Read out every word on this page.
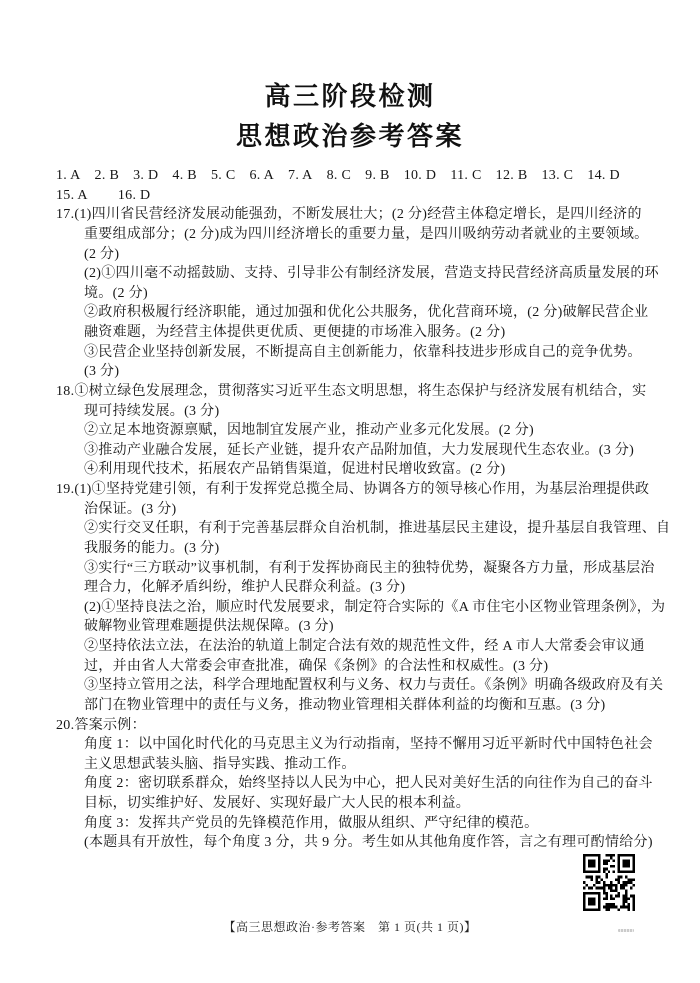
高三阶段检测
思想政治参考答案
1. A 2. B 3. D 4. B 5. C 6. A 7. A 8. C 9. B 10. D 11. C 12. B 13. C 14. D
15. A 16. D
17.(1)四川省民营经济发展动能强劲，不断发展壮大；(2 分)经营主体稳定增长，是四川经济的
重要组成部分；(2 分)成为四川经济增长的重要力量，是四川吸纳劳动者就业的主要领域。
(2 分)
(2)①四川毫不动摇鼓励、支持、引导非公有制经济发展，营造支持民营经济高质量发展的环
境。(2 分)
②政府积极履行经济职能，通过加强和优化公共服务，优化营商环境，(2 分)破解民营企业
融资难题，为经营主体提供更优质、更便捷的市场准入服务。(2 分)
③民营企业坚持创新发展，不断提高自主创新能力，依靠科技进步形成自己的竞争优势。
(3 分)
18.①树立绿色发展理念，贯彻落实习近平生态文明思想，将生态保护与经济发展有机结合，实
现可持续发展。(3 分)
②立足本地资源禀赋，因地制宜发展产业，推动产业多元化发展。(2 分)
③推动产业融合发展，延长产业链，提升农产品附加值，大力发展现代生态农业。(3 分)
④利用现代技术，拓展农产品销售渠道，促进村民增收致富。(2 分)
19.(1)①坚持党建引领，有利于发挥党总揽全局、协调各方的领导核心作用，为基层治理提供政
治保证。(3 分)
②实行交叉任职，有利于完善基层群众自治机制，推进基层民主建设，提升基层自我管理、自
我服务的能力。(3 分)
③实行“三方联动”议事机制，有利于发挥协商民主的独特优势，凝聚各方力量，形成基层治
理合力，化解矛盾纠纷，维护人民群众利益。(3 分)
(2)①坚持良法之治，顺应时代发展要求，制定符合实际的《A 市住宅小区物业管理条例》，为
破解物业管理难题提供法规保障。(3 分)
②坚持依法立法，在法治的轨道上制定合法有效的规范性文件，经 A 市人大常委会审议通
过，并由省人大常委会审查批准，确保《条例》的合法性和权威性。(3 分)
③坚持立管用之法，科学合理地配置权利与义务、权力与责任。《条例》明确各级政府及有关
部门在物业管理中的责任与义务，推动物业管理相关群体利益的均衡和互惠。(3 分)
20.答案示例：
角度 1：以中国化时代化的马克思主义为行动指南，坚持不懈用习近平新时代中国特色社会
主义思想武装头脑、指导实践、推动工作。
角度 2：密切联系群众，始终坚持以人民为中心，把人民对美好生活的向往作为自己的奋斗
目标，切实维护好、发展好、实现好最广大人民的根本利益。
角度 3：发挥共产党员的先锋模范作用，做服从组织、严守纪律的模范。
(本题具有开放性，每个角度 3 分，共 9 分。考生如从其他角度作答，言之有理可酌情给分)
【高三思想政治·参考答案　第 1 页(共 1 页)】
